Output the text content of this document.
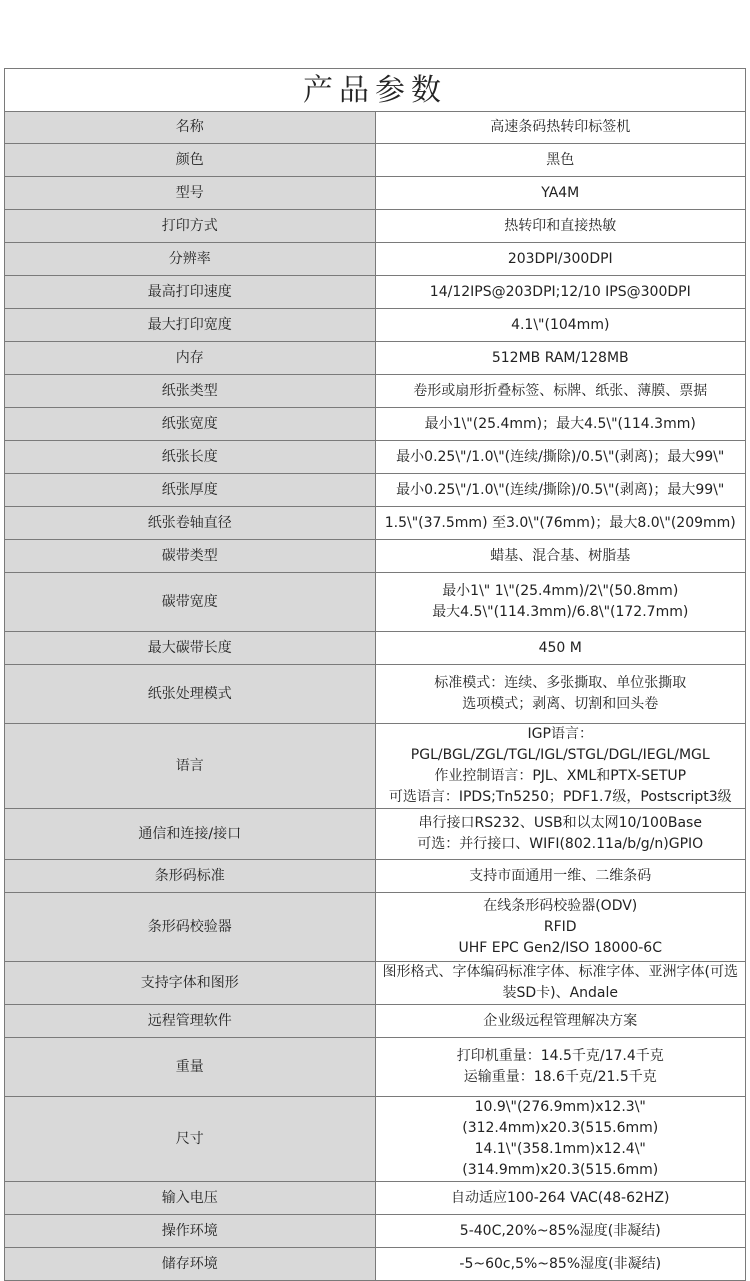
产品参数	
名称	高速条码热转印标签机

颜色	黑色

型号	YA4M

打印方式	热转印和直接热敏

分辨率	203DPI/300DPI

最高打印速度	14/12IPS@203DPI;12/10 IPS@300DPI

最大打印宽度	4.1\"(104mm)

内存	512MB RAM/128MB

纸张类型	卷形或扇形折叠标签、标牌、纸张、薄膜、票据

纸张宽度	最小1\"(25.4mm)；最大4.5\"(114.3mm)

纸张长度	最小0.25\"/1.0\"(连续/撕除)/0.5\"(剥离)；最大99\"

纸张厚度	最小0.25\"/1.0\"(连续/撕除)/0.5\"(剥离)；最大99\"

纸张卷轴直径	1.5\"(37.5mm) 至3.0\"(76mm)；最大8.0\"(209mm)

碳带类型	蜡基、混合基、树脂基

碳带宽度	最小1\" 1\"(25.4mm)/2\"(50.8mm)
最大4.5\"(114.3mm)/6.8\"(172.7mm)

最大碳带长度	450 M

纸张处理模式	标准模式：连续、多张撕取、单位张撕取
选项模式；剥离、切割和回头卷

语言	IGP语言：PGL/BGL/ZGL/TGL/IGL/STGL/DGL/IEGL/MGL
作业控制语言：PJL、XML和PTX-SETUP
可选语言：IPDS;Tn5250；PDF1.7级，Postscript3级

通信和连接/接口	串行接口RS232、USB和以太网10/100Base
可选：并行接口、WIFI(802.11a/b/g/n)GPIO

条形码标准	支持市面通用一维、二维条码

条形码校验器	在线条形码校验器(ODV)
RFID
UHF EPC Gen2/ISO 18000-6C

支持字体和图形	图形格式、字体编码标准字体、标准字体、亚洲字体(可选装SD卡)、Andale

远程管理软件	企业级远程管理解决方案

重量	打印机重量：14.5千克/17.4千克
运输重量：18.6千克/21.5千克

尺寸	10.9\"(276.9mm)x12.3\"(312.4mm)x20.3(515.6mm)
14.1\"(358.1mm)x12.4\"(314.9mm)x20.3(515.6mm)

输入电压	自动适应100-264 VAC(48-62HZ)

操作环境	5-40C,20%~85%湿度(非凝结)

储存环境	-5~60c,5%~85%湿度(非凝结)
